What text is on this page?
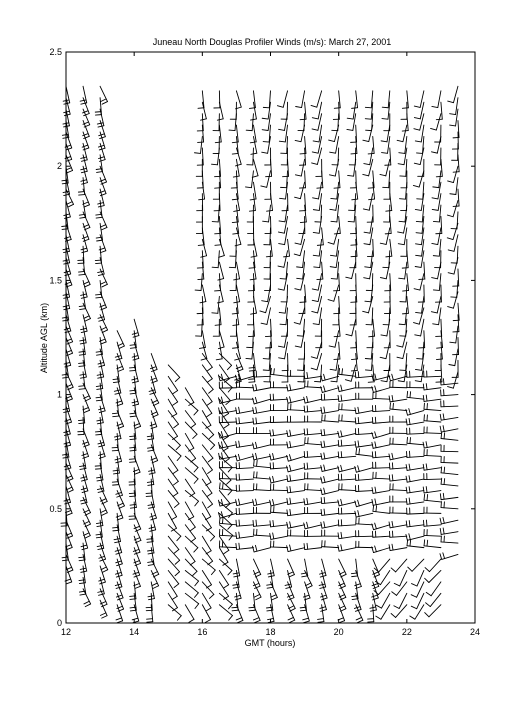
Juneau North Douglas Profiler Winds (m/s): March 27, 2001
12	14	16	18	20	22	24
0
0.5
1
1.5
2
2.5
GMT (hours)
Altitude AGL (km)
